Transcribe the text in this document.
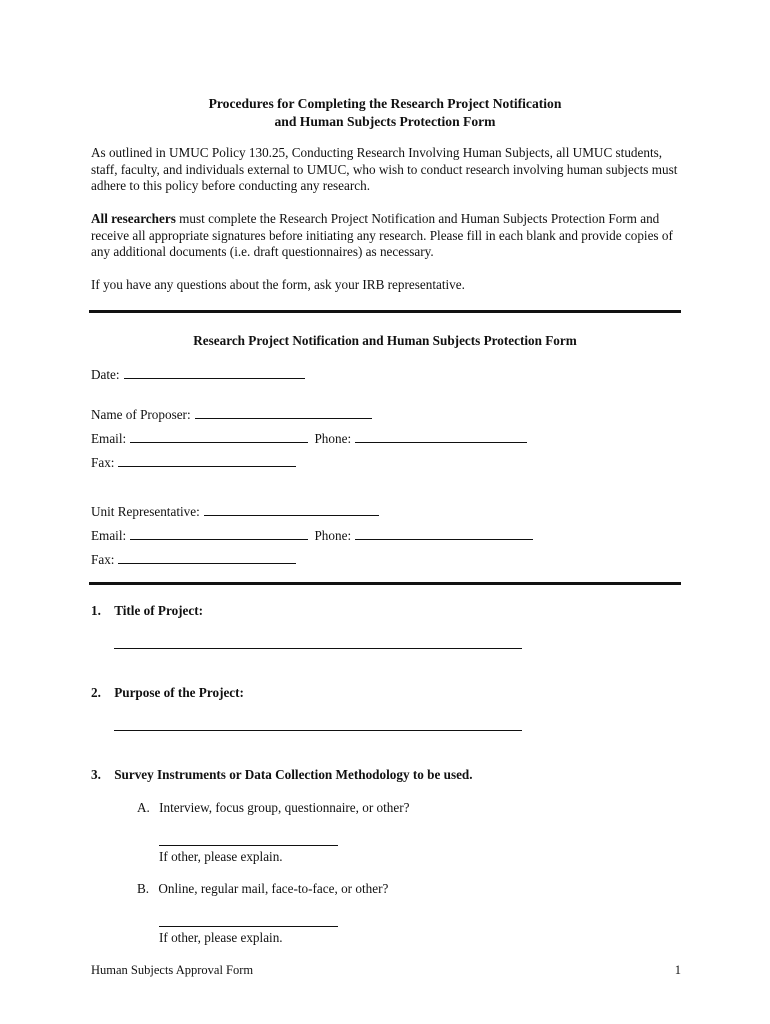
Procedures for Completing the Research Project Notification
and Human Subjects Protection Form
As outlined in UMUC Policy 130.25, Conducting Research Involving Human Subjects, all UMUC students, staff, faculty, and individuals external to UMUC, who wish to conduct research involving human subjects must adhere to this policy before conducting any research.
All researchers must complete the Research Project Notification and Human Subjects Protection Form and receive all appropriate signatures before initiating any research. Please fill in each blank and provide copies of any additional documents (i.e. draft questionnaires) as necessary.
If you have any questions about the form, ask your IRB representative.
Research Project Notification and Human Subjects Protection Form
Date:
Name of Proposer:
Email:	Phone:
Fax:
Unit Representative:
Email:	Phone:
Fax:
1. Title of Project:
2. Purpose of the Project:
3. Survey Instruments or Data Collection Methodology to be used.
A. Interview, focus group, questionnaire, or other?
If other, please explain.
B. Online, regular mail, face-to-face, or other?
If other, please explain.
Human Subjects Approval Form	1
